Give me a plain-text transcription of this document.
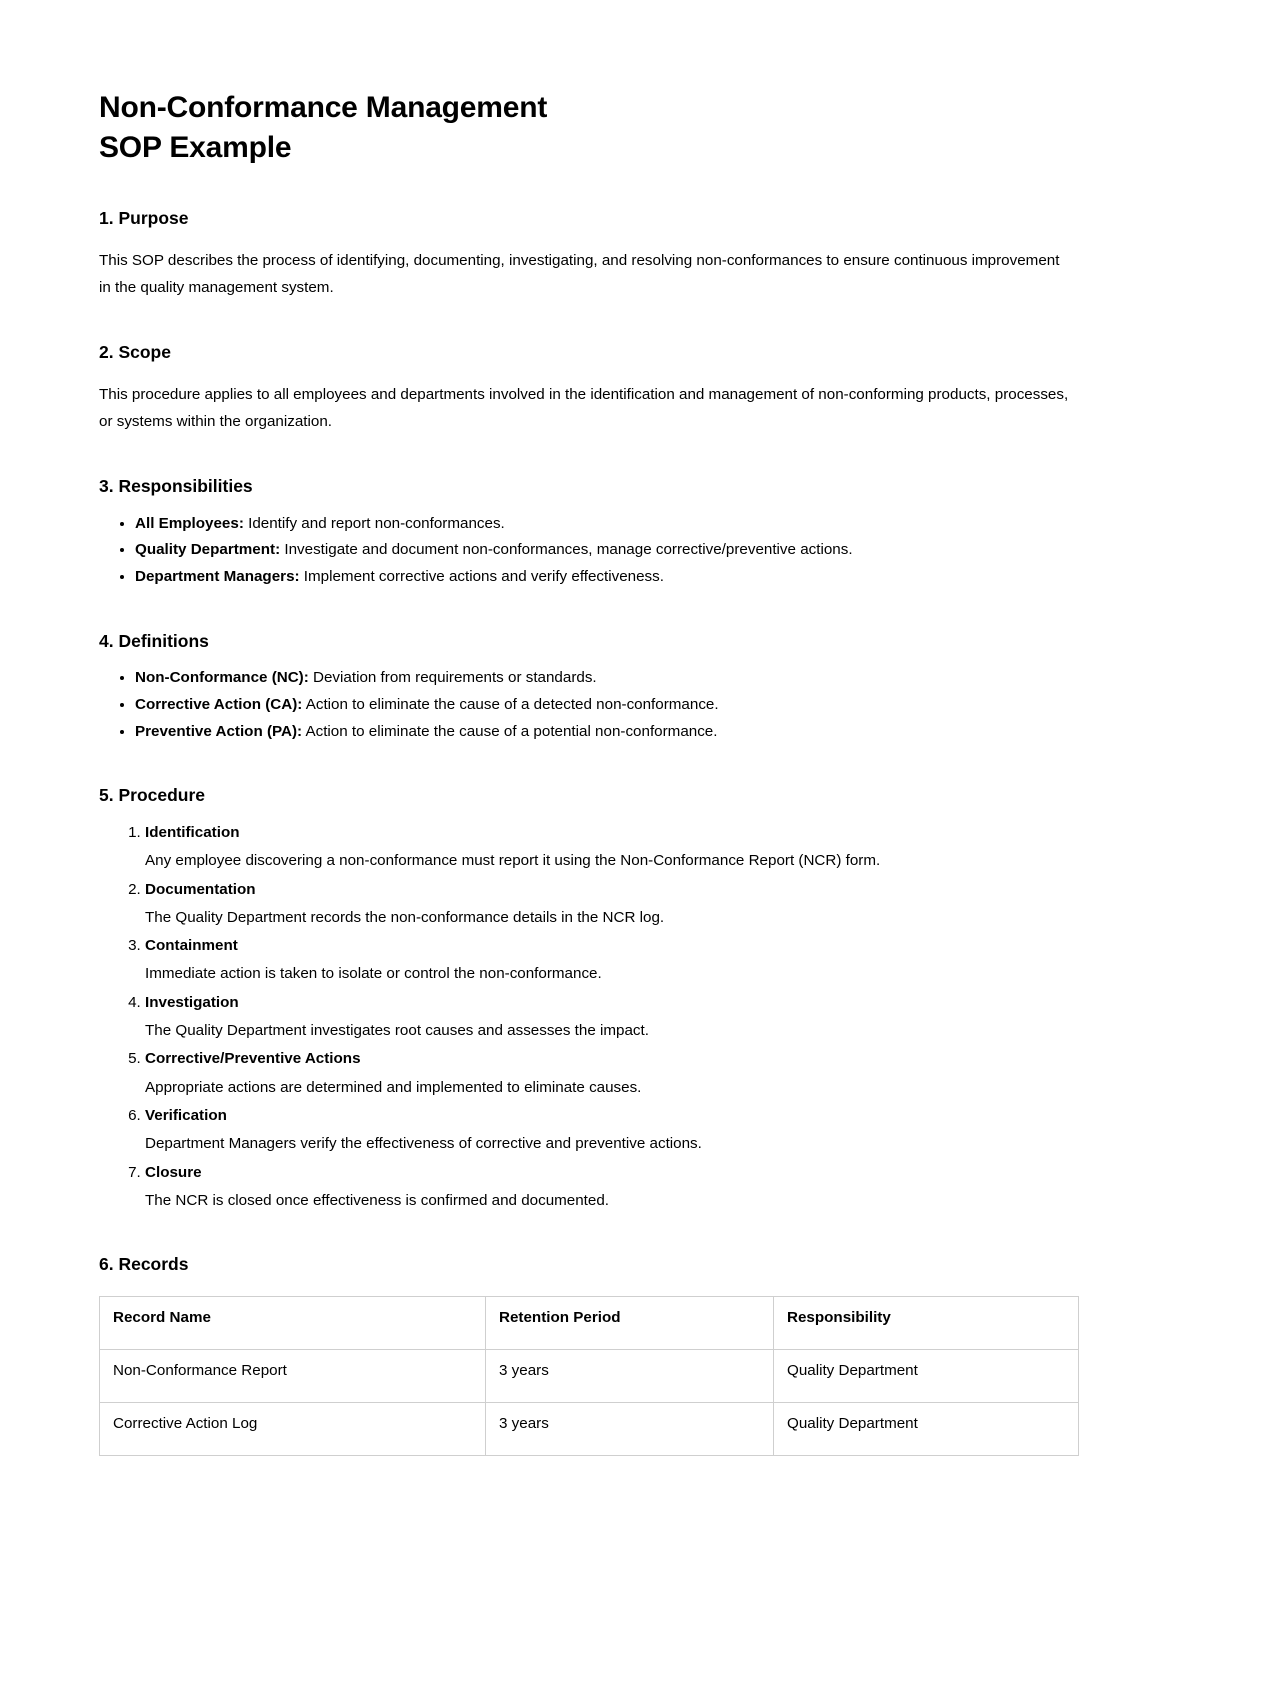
Non-Conformance Management
SOP Example
1. Purpose

This SOP describes the process of identifying, documenting, investigating, and resolving non-conformances to ensure continuous improvement in the quality management system.

2. Scope

This procedure applies to all employees and departments involved in the identification and management of non-conforming products, processes, or systems within the organization.

3. Responsibilities
• All Employees: Identify and report non-conformances.
• Quality Department: Investigate and document non-conformances, manage corrective/preventive actions.
• Department Managers: Implement corrective actions and verify effectiveness.
4. Definitions
• Non-Conformance (NC): Deviation from requirements or standards.
• Corrective Action (CA): Action to eliminate the cause of a detected non-conformance.
• Preventive Action (PA): Action to eliminate the cause of a potential non-conformance.
5. Procedure
1. Identification
Any employee discovering a non-conformance must report it using the Non-Conformance Report (NCR) form.
2. Documentation
The Quality Department records the non-conformance details in the NCR log.
3. Containment
Immediate action is taken to isolate or control the non-conformance.
4. Investigation
The Quality Department investigates root causes and assesses the impact.
5. Corrective/Preventive Actions
Appropriate actions are determined and implemented to eliminate causes.
6. Verification
Department Managers verify the effectiveness of corrective and preventive actions.
7. Closure
The NCR is closed once effectiveness is confirmed and documented.
6. Records
Record Name	Retention Period	Responsibility
Non-Conformance Report	3 years	Quality Department
Corrective Action Log	3 years	Quality Department
